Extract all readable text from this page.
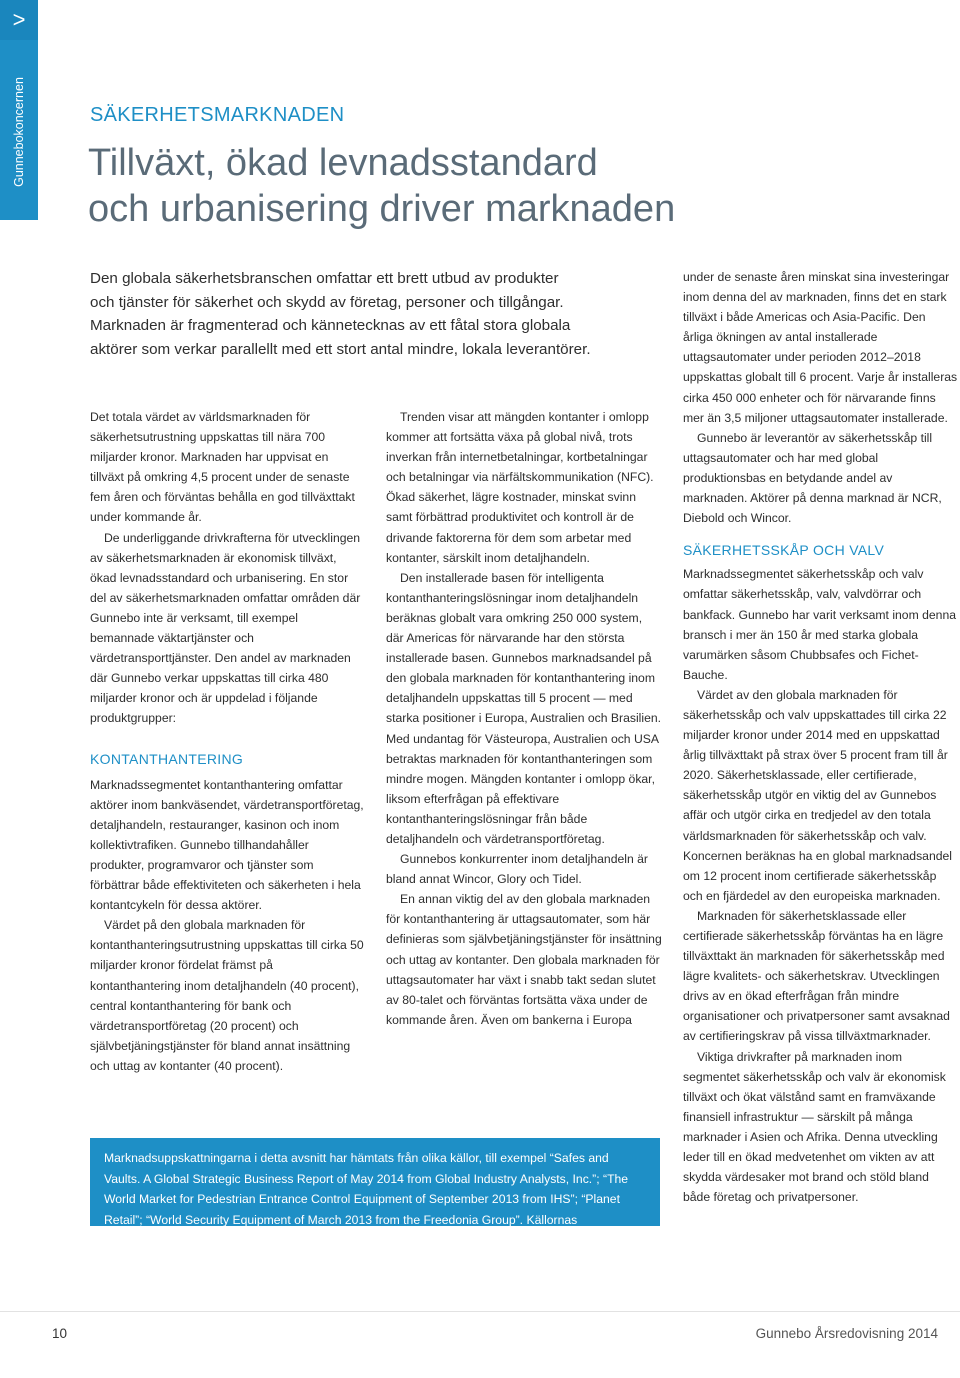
>
Gunnebokoncernen	SÄKERHETSMARKNADEN
Tillväxt, ökad levnadsstandard
och urbanisering driver marknaden
Den globala säkerhetsbranschen omfattar ett brett utbud av produkter
och tjänster för säkerhet och skydd av företag, personer och tillgångar.
Marknaden är fragmenterad och kännetecknas av ett fåtal stora globala
aktörer som verkar parallellt med ett stort antal mindre, lokala leverantörer.

Det totala värdet av världsmarknaden för säkerhetsutrustning uppskattas till nära 700 miljarder kronor. Marknaden har uppvisat en tillväxt på omkring 4,5 procent under de senaste fem åren och förväntas behålla en god tillväxttakt under kommande år.

De underliggande drivkrafterna för utvecklingen av säkerhetsmarknaden är ekonomisk tillväxt, ökad levnadsstandard och urbanisering. En stor del av säkerhetsmarknaden omfattar områden där Gunnebo inte är verksamt, till exempel bemannade väktartjänster och värdetransporttjänster. Den andel av marknaden där Gunnebo verkar uppskattas till cirka 480 miljarder kronor och är uppdelad i följande produktgrupper:

KONTANTHANTERING

Marknadssegmentet kontanthantering omfattar aktörer inom bankväsendet, värdetransportföretag, detaljhandeln, restauranger, kasinon och inom kollektivtrafiken. Gunnebo tillhandahåller produkter, programvaror och tjänster som förbättrar både effektiviteten och säkerheten i hela kontantcykeln för dessa aktörer.

Värdet på den globala marknaden för kontanthanteringsutrustning uppskattas till cirka 50 miljarder kronor fördelat främst på kontanthantering inom detaljhandeln (40 procent), central kontanthantering för bank och värdetransportföretag (20 procent) och självbetjäningstjänster för bland annat insättning och uttag av kontanter (40 procent).

Trenden visar att mängden kontanter i omlopp kommer att fortsätta växa på global nivå, trots inverkan från internetbetalningar, kortbetalningar och betalningar via närfältskommunikation (NFC). Ökad säkerhet, lägre kostnader, minskat svinn samt förbättrad produktivitet och kontroll är de drivande faktorerna för dem som arbetar med kontanter, särskilt inom detaljhandeln.

Den installerade basen för intelligenta kontanthanteringslösningar inom detaljhandeln beräknas globalt vara omkring 250 000 system, där Americas för närvarande har den största installerade basen. Gunnebos marknadsandel på den globala marknaden för kontanthantering inom detaljhandeln uppskattas till 5 procent — med starka positioner i Europa, Australien och Brasilien. Med undantag för Västeuropa, Australien och USA betraktas marknaden för kontanthanteringen som mindre mogen. Mängden kontanter i omlopp ökar, liksom efterfrågan på effektivare kontanthanteringslösningar från både detaljhandeln och värdetransportföretag.

Gunnebos konkurrenter inom detaljhandeln är bland annat Wincor, Glory och Tidel.

En annan viktig del av den globala marknaden för kontanthantering är uttagsautomater, som här definieras som självbetjäningstjänster för insättning och uttag av kontanter. Den globala marknaden för uttagsautomater har växt i snabb takt sedan slutet av 80-talet och förväntas fortsätta växa under de kommande åren. Även om bankerna i Europa

under de senaste åren minskat sina investeringar inom denna del av marknaden, finns det en stark tillväxt i både Americas och Asia-Pacific. Den årliga ökningen av antal installerade uttagsautomater under perioden 2012–2018 uppskattas globalt till 6 procent. Varje år installeras cirka 450 000 enheter och för närvarande finns mer än 3,5 miljoner uttagsautomater installerade.

Gunnebo är leverantör av säkerhetsskåp till uttagsautomater och har med global produktionsbas en betydande andel av marknaden. Aktörer på denna marknad är NCR, Diebold och Wincor.

SÄKERHETSSKÅP OCH VALV

Marknadssegmentet säkerhetsskåp och valv omfattar säkerhetsskåp, valv, valvdörrar och bankfack. Gunnebo har varit verksamt inom denna bransch i mer än 150 år med starka globala varumärken såsom Chubbsafes och Fichet-Bauche.

Värdet av den globala marknaden för säkerhetsskåp och valv uppskattades till cirka 22 miljarder kronor under 2014 med en uppskattad årlig tillväxttakt på strax över 5 procent fram till år 2020. Säkerhetsklassade, eller certifierade, säkerhetsskåp utgör en viktig del av Gunnebos affär och utgör cirka en tredjedel av den totala världsmarknaden för säkerhetsskåp och valv. Koncernen beräknas ha en global marknadsandel om 12 procent inom certifierade säkerhetsskåp och en fjärdedel av den europeiska marknaden.

Marknaden för säkerhetsklassade eller certifierade säkerhetsskåp förväntas ha en lägre tillväxttakt än marknaden för säkerhetsskåp med lägre kvalitets- och säkerhetskrav. Utvecklingen drivs av en ökad efterfrågan från mindre organisationer och privatpersoner samt avsaknad av certifieringskrav på vissa tillväxtmarknader.

Viktiga drivkrafter på marknaden inom segmentet säkerhetsskåp och valv är ekonomisk tillväxt och ökat välstånd samt en framväxande finansiell infrastruktur — särskilt på många marknader i Asien och Afrika. Denna utveckling leder till en ökad medvetenhet om vikten av att skydda värdesaker mot brand och stöld bland både företag och privatpersoner.

Marknadsuppskattningarna i detta avsnitt har hämtats från olika källor, till exempel “Safes and Vaults. A Global Strategic Business Report of May 2014 from Global Industry Analysts, Inc.”; “The World Market for Pedestrian Entrance Control Equipment of September 2013 from IHS”; “Planet Retail”; “World Security Equipment of March 2013 from the Freedonia Group”. Källornas uppskattade marknadsstorlek är omräknade med en genomsnittskurs för USD för 2014.
10	Gunnebo Årsredovisning 2014
